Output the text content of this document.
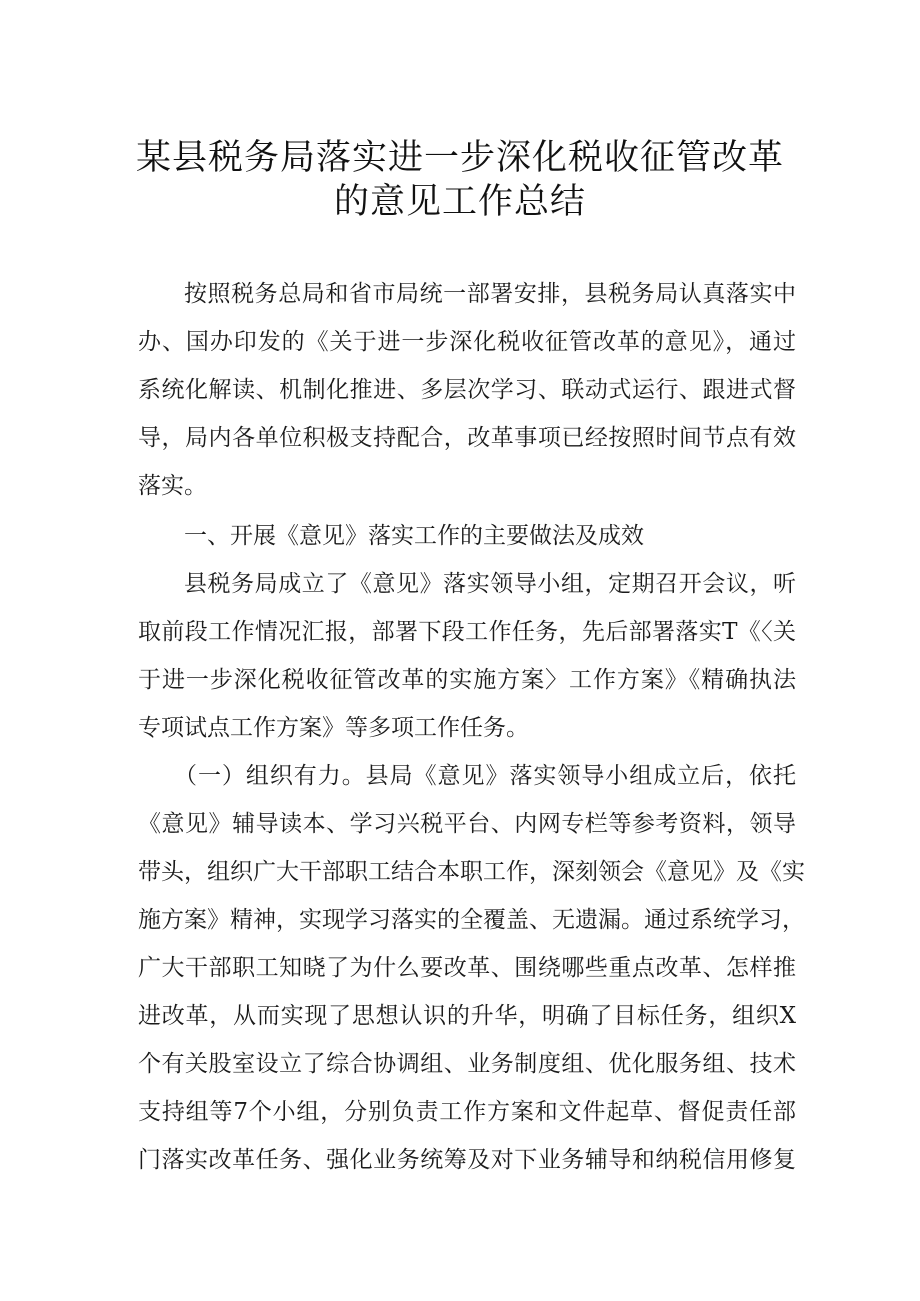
某县税务局落实进一步深化税收征管改革
的意见工作总结
按照税务总局和省市局统一部署安排，县税务局认真落实中
办、国办印发的《关于进一步深化税收征管改革的意见》，通过
系统化解读、机制化推进、多层次学习、联动式运行、跟进式督
导，局内各单位积极支持配合，改革事项已经按照时间节点有效
落实。
一、开展《意见》落实工作的主要做法及成效
县税务局成立了《意见》落实领导小组，定期召开会议，听
取前段工作情况汇报，部署下段工作任务，先后部署落实T《〈关
于进一步深化税收征管改革的实施方案〉工作方案》《精确执法
专项试点工作方案》等多项工作任务。
（一）组织有力。县局《意见》落实领导小组成立后，依托
《意见》辅导读本、学习兴税平台、内网专栏等参考资料，领导
带头，组织广大干部职工结合本职工作，深刻领会《意见》及《实
施方案》精神，实现学习落实的全覆盖、无遗漏。通过系统学习，
广大干部职工知晓了为什么要改革、围绕哪些重点改革、怎样推
进改革，从而实现了思想认识的升华，明确了目标任务，组织X
个有关股室设立了综合协调组、业务制度组、优化服务组、技术
支持组等7个小组，分别负责工作方案和文件起草、督促责任部
门落实改革任务、强化业务统筹及对下业务辅导和纳税信用修复
